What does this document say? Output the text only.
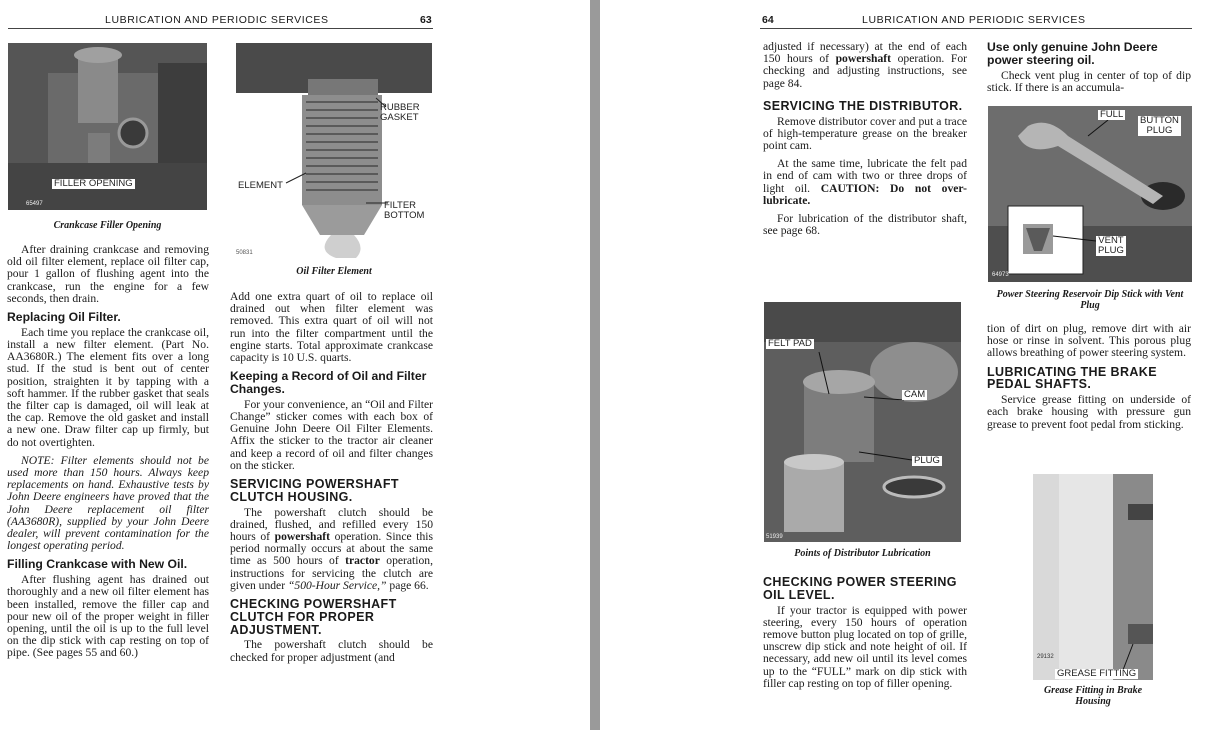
LUBRICATION AND PERIODIC SERVICES	63
FILLER OPENING
65497
Crankcase Filler Opening
RUBBER
GASKET
ELEMENT
FILTER
BOTTOM
50831
Oil Filter Element

After draining crankcase and removing old oil filter element, replace oil filter cap, pour 1 gallon of flushing agent into the crankcase, run the engine for a few seconds, then drain.

Replacing Oil Filter.

Each time you replace the crankcase oil, install a new filter element. (Part No. AA3680R.) The element fits over a long stud. If the stud is bent out of center position, straighten it by tapping with a soft hammer. If the rubber gasket that seals the filter cap is damaged, oil will leak at the cap. Remove the old gasket and install a new one. Draw filter cap up firmly, but do not overtighten.

NOTE: Filter elements should not be used more than 150 hours. Always keep replacements on hand. Exhaustive tests by John Deere engineers have proved that the John Deere replacement oil filter (AA3680R), supplied by your John Deere dealer, will prevent contamination for the longest operating period.

Filling Crankcase with New Oil.

After flushing agent has drained out thoroughly and a new oil filter element has been installed, remove the filler cap and pour new oil of the proper weight in filler opening, until the oil is up to the full level on the dip stick with cap resting on top of pipe. (See pages 55 and 60.)

Add one extra quart of oil to replace oil drained out when filter element was removed. This extra quart of oil will not run into the filter compartment until the engine starts. Total approximate crankcase capacity is 10 U.S. quarts.

Keeping a Record of Oil and Filter Changes.

For your convenience, an “Oil and Filter Change” sticker comes with each box of Genuine John Deere Oil Filter Elements. Affix the sticker to the tractor air cleaner and keep a record of oil and filter changes on the sticker.

SERVICING POWERSHAFT CLUTCH HOUSING.

The powershaft clutch should be drained, flushed, and refilled every 150 hours of powershaft operation. Since this period normally occurs at about the same time as 500 hours of tractor operation, instructions for servicing the clutch are given under “500-Hour Service,” page 66.

CHECKING POWERSHAFT CLUTCH FOR PROPER ADJUSTMENT.

The powershaft clutch should be checked for proper adjustment (and

64	LUBRICATION AND PERIODIC SERVICES

adjusted if necessary) at the end of each 150 hours of powershaft operation. For checking and adjusting instructions, see page 84.

SERVICING THE DISTRIBUTOR.

Remove distributor cover and put a trace of high-temperature grease on the breaker point cam.

At the same time, lubricate the felt pad in end of cam with two or three drops of light oil. CAUTION: Do not over-lubricate.

For lubrication of the distributor shaft, see page 68.

FELT PAD
CAM
PLUG
51939
Points of Distributor Lubrication
CHECKING POWER STEERING OIL LEVEL.

If your tractor is equipped with power steering, every 150 hours of operation remove button plug located on top of grille, unscrew dip stick and note height of oil. If necessary, add new oil until its level comes up to the “FULL” mark on dip stick with filler cap resting on top of filler opening.

Use only genuine John Deere power steering oil.

Check vent plug in center of top of dip stick. If there is an accumula-

FULL
BUTTON
PLUG
VENT
PLUG
64973
Power Steering Reservoir Dip Stick with Vent Plug

tion of dirt on plug, remove dirt with air hose or rinse in solvent. This porous plug allows breathing of power steering system.

LUBRICATING THE BRAKE PEDAL SHAFTS.

Service grease fitting on underside of each brake housing with pressure gun grease to prevent foot pedal from sticking.

GREASE FITTING
29132
Grease Fitting in Brake Housing
